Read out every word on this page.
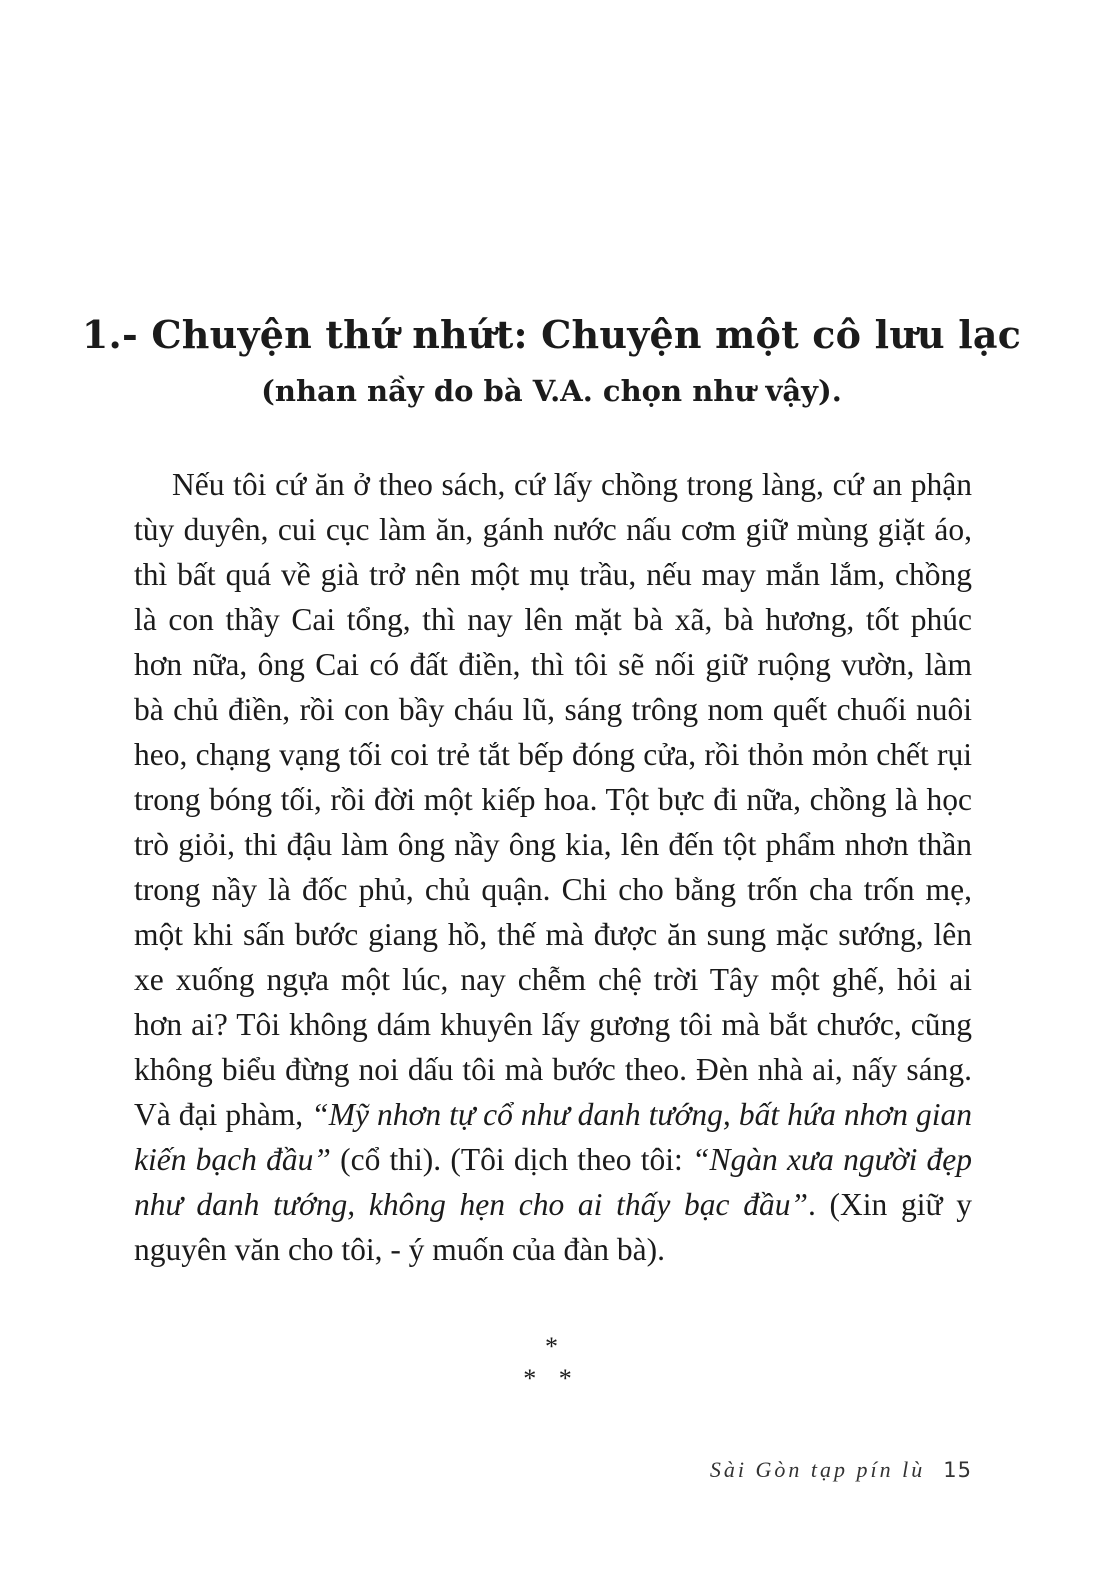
1.- Chuyện thứ nhứt: Chuyện một cô lưu lạc
(nhan nầy do bà V.A. chọn như vậy).

Nếu tôi cứ ăn ở theo sách, cứ lấy chồng trong làng, cứ an phận tùy duyên, cui cục làm ăn, gánh nước nấu cơm giữ mùng giặt áo, thì bất quá về già trở nên một mụ trầu, nếu may mắn lắm, chồng là con thầy Cai tổng, thì nay lên mặt bà xã, bà hương, tốt phúc hơn nữa, ông Cai có đất điền, thì tôi sẽ nối giữ ruộng vườn, làm bà chủ điền, rồi con bầy cháu lũ, sáng trông nom quết chuối nuôi heo, chạng vạng tối coi trẻ tắt bếp đóng cửa, rồi thỏn mỏn chết rụi trong bóng tối, rồi đời một kiếp hoa. Tột bực đi nữa, chồng là học trò giỏi, thi đậu làm ông nầy ông kia, lên đến tột phẩm nhơn thần trong nầy là đốc phủ, chủ quận. Chi cho bằng trốn cha trốn mẹ, một khi sấn bước giang hồ, thế mà được ăn sung mặc sướng, lên xe xuống ngựa một lúc, nay chễm chệ trời Tây một ghế, hỏi ai hơn ai? Tôi không dám khuyên lấy gương tôi mà bắt chước, cũng không biểu đừng noi dấu tôi mà bước theo. Đèn nhà ai, nấy sáng. Và đại phàm, “Mỹ nhơn tự cổ như danh tướng, bất hứa nhơn gian kiến bạch đầu” (cổ thi). (Tôi dịch theo tôi: “Ngàn xưa người đẹp như danh tướng, không hẹn cho ai thấy bạc đầu”. (Xin giữ y nguyên văn cho tôi, - ý muốn của đàn bà).

*
* *
Sài Gòn tạp pín lù 15
